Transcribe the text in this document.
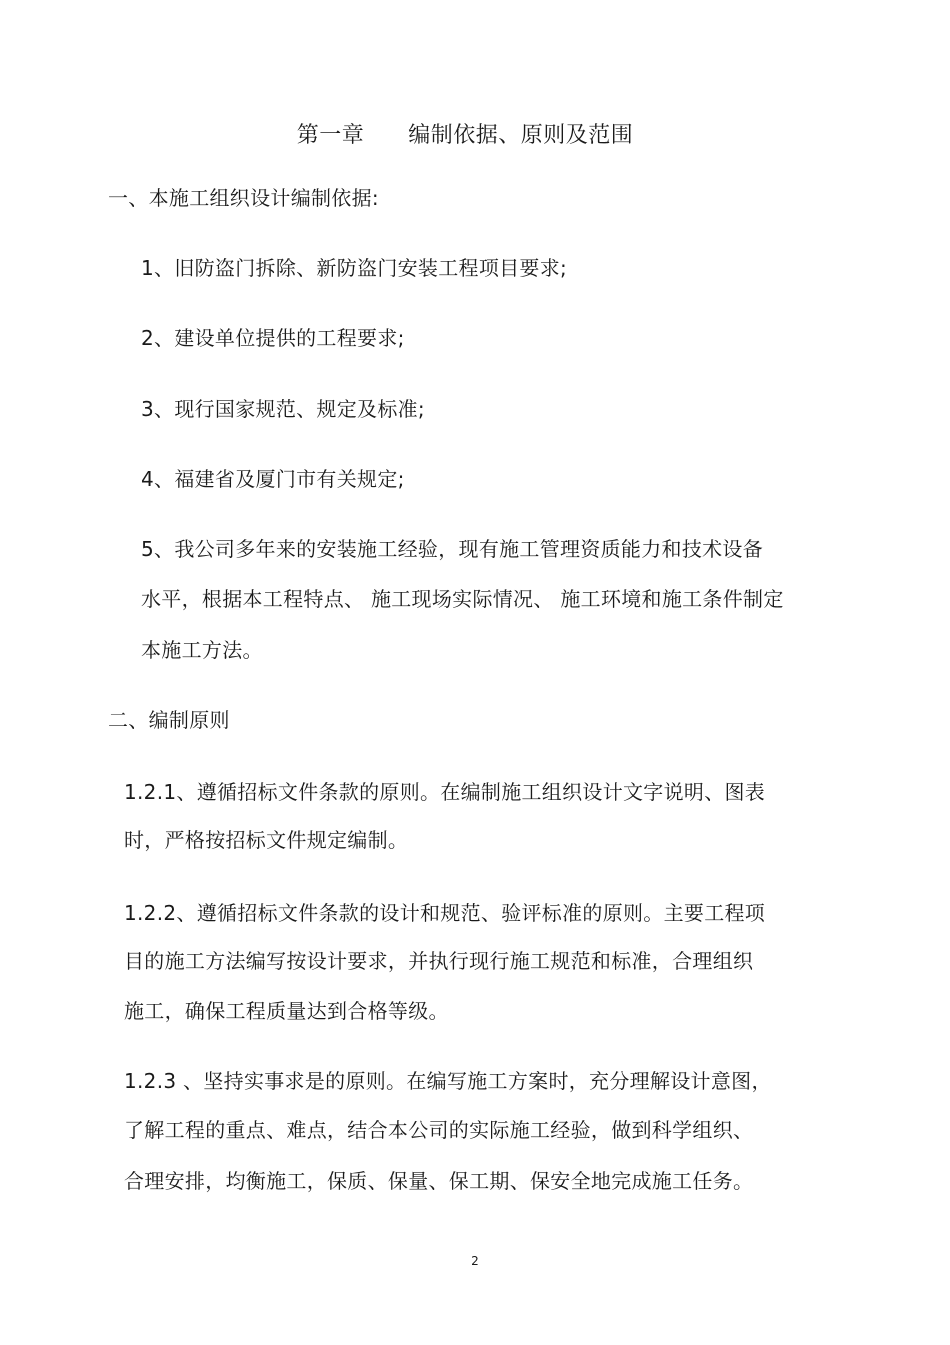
第一章 编制依据、原则及范围
一、本施工组织设计编制依据:
1、旧防盗门拆除、新防盗门安装工程项目要求;
2、建设单位提供的工程要求;
3、现行国家规范、规定及标准;
4、福建省及厦门市有关规定;
5、我公司多年来的安装施工经验，现有施工管理资质能力和技术设备
水平，根据本工程特点、 施工现场实际情况、 施工环境和施工条件制定
本施工方法。
二、编制原则
1.2.1、遵循招标文件条款的原则。在编制施工组织设计文字说明、图表
时，严格按招标文件规定编制。
1.2.2、遵循招标文件条款的设计和规范、验评标准的原则。主要工程项
目的施工方法编写按设计要求，并执行现行施工规范和标准，合理组织
施工，确保工程质量达到合格等级。
1.2.3 、坚持实事求是的原则。在编写施工方案时，充分理解设计意图，
了解工程的重点、难点，结合本公司的实际施工经验，做到科学组织、
合理安排，均衡施工，保质、保量、保工期、保安全地完成施工任务。
2
